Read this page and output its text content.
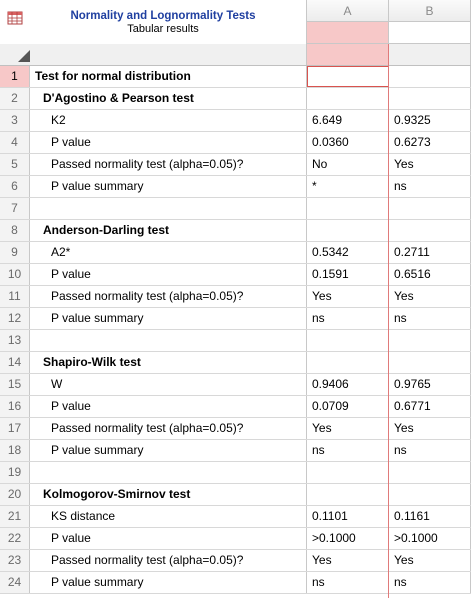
Normality and Lognormality Tests
Tabular results
A	B
1	Test for normal distribution
2	D'Agostino & Pearson test
3	K2	6.649	0.9325
4	P value	0.0360	0.6273
5	Passed normality test (alpha=0.05)?	No	Yes
6	P value summary	*	ns
7
8	Anderson-Darling test
9	A2*	0.5342	0.2711
10	P value	0.1591	0.6516
11	Passed normality test (alpha=0.05)?	Yes	Yes
12	P value summary	ns	ns
13
14	Shapiro-Wilk test
15	W	0.9406	0.9765
16	P value	0.0709	0.6771
17	Passed normality test (alpha=0.05)?	Yes	Yes
18	P value summary	ns	ns
19
20	Kolmogorov-Smirnov test
21	KS distance	0.1101	0.1161
22	P value	>0.1000	>0.1000
23	Passed normality test (alpha=0.05)?	Yes	Yes
24	P value summary	ns	ns
